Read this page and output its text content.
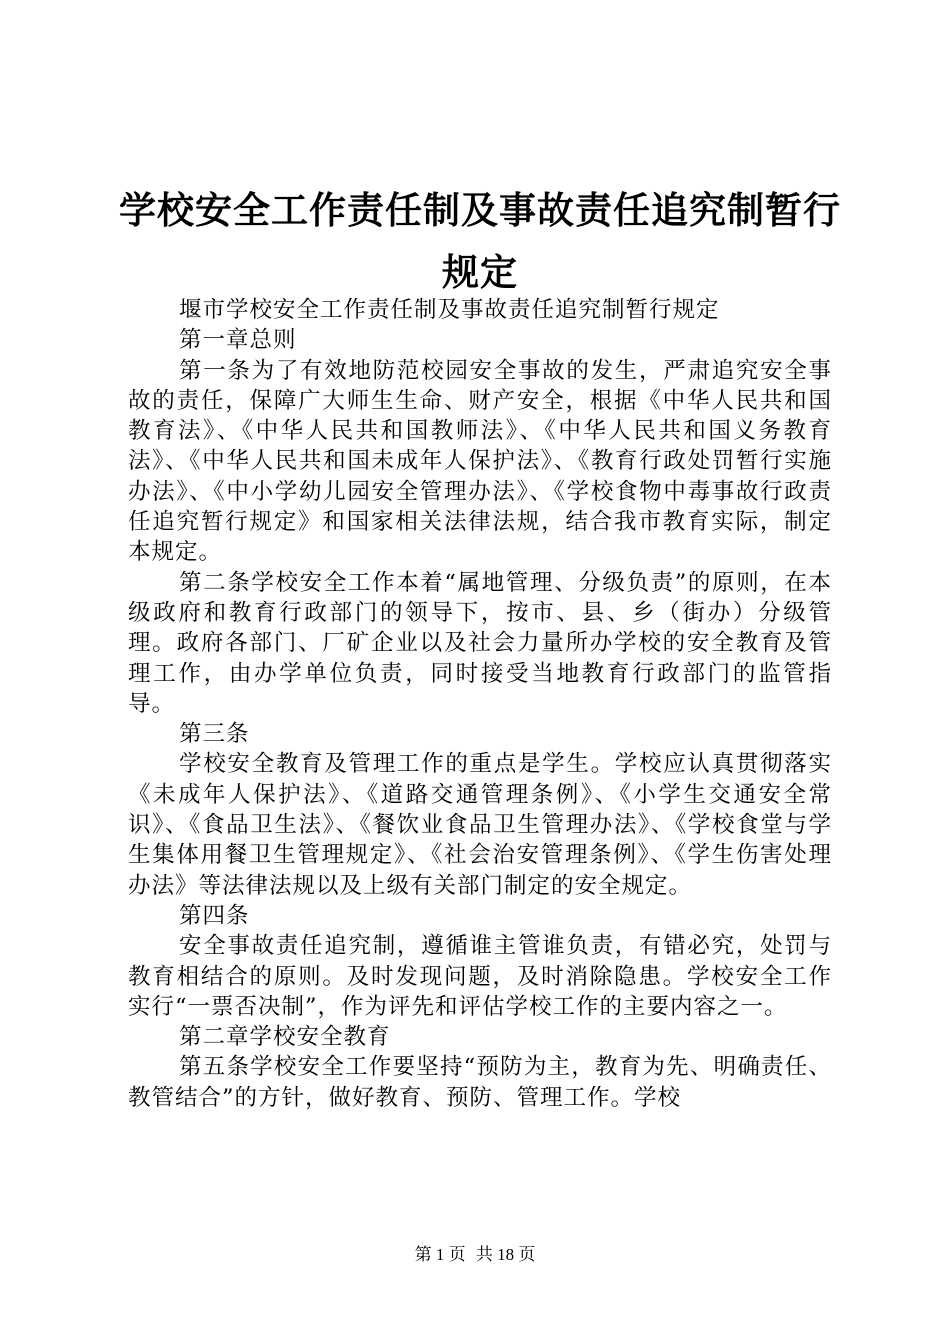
学校安全工作责任制及事故责任追究制暂行规定

堰市学校安全工作责任制及事故责任追究制暂行规定

第一章总则

第一条为了有效地防范校园安全事故的发生，严肃追究安全事故的责任，保障广大师生生命、财产安全，根据《中华人民共和国教育法》、《中华人民共和国教师法》、《中华人民共和国义务教育法》、《中华人民共和国未成年人保护法》、《教育行政处罚暂行实施办法》、《中小学幼儿园安全管理办法》、《学校食物中毒事故行政责任追究暂行规定》和国家相关法律法规，结合我市教育实际，制定本规定。

第二条学校安全工作本着“属地管理、分级负责”的原则，在本级政府和教育行政部门的领导下，按市、县、乡（街办）分级管理。政府各部门、厂矿企业以及社会力量所办学校的安全教育及管理工作，由办学单位负责，同时接受当地教育行政部门的监管指导。

第三条

学校安全教育及管理工作的重点是学生。学校应认真贯彻落实《未成年人保护法》、《道路交通管理条例》、《小学生交通安全常识》、《食品卫生法》、《餐饮业食品卫生管理办法》、《学校食堂与学生集体用餐卫生管理规定》、《社会治安管理条例》、《学生伤害处理办法》等法律法规以及上级有关部门制定的安全规定。

第四条

安全事故责任追究制，遵循谁主管谁负责，有错必究，处罚与教育相结合的原则。及时发现问题，及时消除隐患。学校安全工作实行“一票否决制”，作为评先和评估学校工作的主要内容之一。

第二章学校安全教育

第五条学校安全工作要坚持“预防为主，教育为先、明确责任、教管结合”的方针，做好教育、预防、管理工作。学校

第 1 页 共 18 页
